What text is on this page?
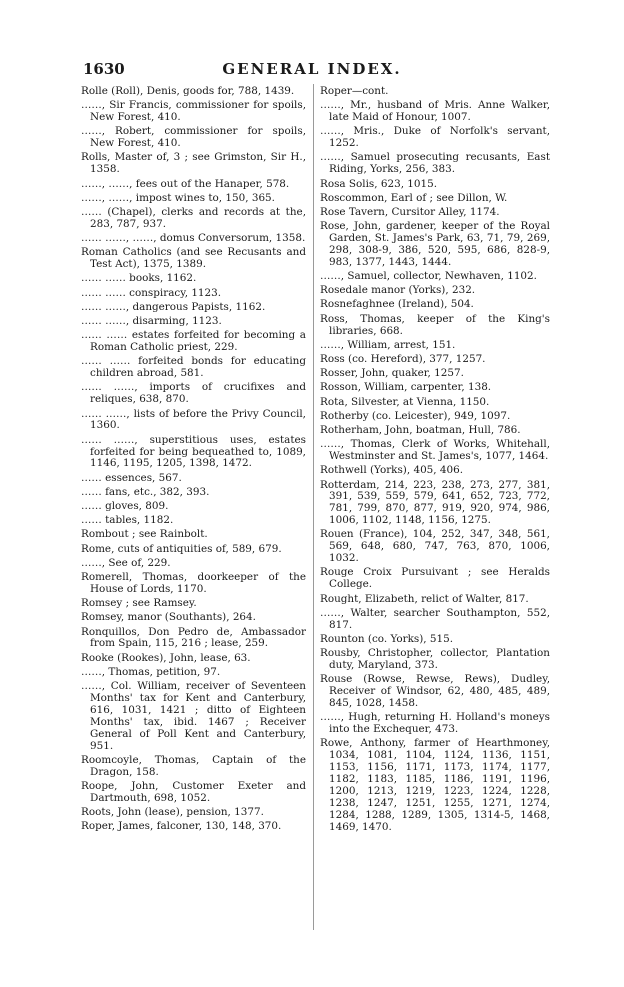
1630	GENERAL INDEX.
Rolle (Roll), Denis, goods for, 788, 1439.
……, Sir Francis, commissioner for spoils, New Forest, 410.
……, Robert, commissioner for spoils, New Forest, 410.
Rolls, Master of, 3 ; see Grimston, Sir H., 1358.
……, ……, fees out of the Hanaper, 578.
……, ……, impost wines to, 150, 365.
…… (Chapel), clerks and records at the, 283, 787, 937.
…… ……, ……, domus Conversorum, 1358.
Roman Catholics (and see Recusants and Test Act), 1375, 1389.
…… …… books, 1162.
…… …… conspiracy, 1123.
…… ……, dangerous Papists, 1162.
…… ……, disarming, 1123.
…… …… estates forfeited for becoming a Roman Catholic priest, 229.
…… …… forfeited bonds for educating children abroad, 581.
…… ……, imports of crucifixes and reliques, 638, 870.
…… ……, lists of before the Privy Council, 1360.
…… ……, superstitious uses, estates forfeited for being bequeathed to, 1089, 1146, 1195, 1205, 1398, 1472.
…… essences, 567.
…… fans, etc., 382, 393.
…… gloves, 809.
…… tables, 1182.
Rombout ; see Rainbolt.
Rome, cuts of antiquities of, 589, 679.
……, See of, 229.
Romerell, Thomas, doorkeeper of the House of Lords, 1170.
Romsey ; see Ramsey.
Romsey, manor (Southants), 264.
Ronquillos, Don Pedro de, Ambassador from Spain, 115, 216 ; lease, 259.
Rooke (Rookes), John, lease, 63.
……, Thomas, petition, 97.
……, Col. William, receiver of Seventeen Months' tax for Kent and Canterbury, 616, 1031, 1421 ; ditto of Eighteen Months' tax, ibid. 1467 ; Receiver General of Poll Kent and Canterbury, 951.
Roomcoyle, Thomas, Captain of the Dragon, 158.
Roope, John, Customer Exeter and Dartmouth, 698, 1052.
Roots, John (lease), pension, 1377.
Roper, James, falconer, 130, 148, 370.
Roper—cont.
……, Mr., husband of Mris. Anne Walker, late Maid of Honour, 1007.
……, Mris., Duke of Norfolk's servant, 1252.
……, Samuel prosecuting recusants, East Riding, Yorks, 256, 383.
Rosa Solis, 623, 1015.
Roscommon, Earl of ; see Dillon, W.
Rose Tavern, Cursitor Alley, 1174.
Rose, John, gardener, keeper of the Royal Garden, St. James's Park, 63, 71, 79, 269, 298, 308-9, 386, 520, 595, 686, 828-9, 983, 1377, 1443, 1444.
……, Samuel, collector, Newhaven, 1102.
Rosedale manor (Yorks), 232.
Rosnefaghnee (Ireland), 504.
Ross, Thomas, keeper of the King's libraries, 668.
……, William, arrest, 151.
Ross (co. Hereford), 377, 1257.
Rosser, John, quaker, 1257.
Rosson, William, carpenter, 138.
Rota, Silvester, at Vienna, 1150.
Rotherby (co. Leicester), 949, 1097.
Rotherham, John, boatman, Hull, 786.
……, Thomas, Clerk of Works, Whitehall, Westminster and St. James's, 1077, 1464.
Rothwell (Yorks), 405, 406.
Rotterdam, 214, 223, 238, 273, 277, 381, 391, 539, 559, 579, 641, 652, 723, 772, 781, 799, 870, 877, 919, 920, 974, 986, 1006, 1102, 1148, 1156, 1275.
Rouen (France), 104, 252, 347, 348, 561, 569, 648, 680, 747, 763, 870, 1006, 1032.
Rouge Croix Pursuivant ; see Heralds College.
Rought, Elizabeth, relict of Walter, 817.
……, Walter, searcher Southampton, 552, 817.
Rounton (co. Yorks), 515.
Rousby, Christopher, collector, Plantation duty, Maryland, 373.
Rouse (Rowse, Rewse, Rews), Dudley, Receiver of Windsor, 62, 480, 485, 489, 845, 1028, 1458.
……, Hugh, returning H. Holland's moneys into the Exchequer, 473.
Rowe, Anthony, farmer of Hearthmoney, 1034, 1081, 1104, 1124, 1136, 1151, 1153, 1156, 1171, 1173, 1174, 1177, 1182, 1183, 1185, 1186, 1191, 1196, 1200, 1213, 1219, 1223, 1224, 1228, 1238, 1247, 1251, 1255, 1271, 1274, 1284, 1288, 1289, 1305, 1314-5, 1468, 1469, 1470.
